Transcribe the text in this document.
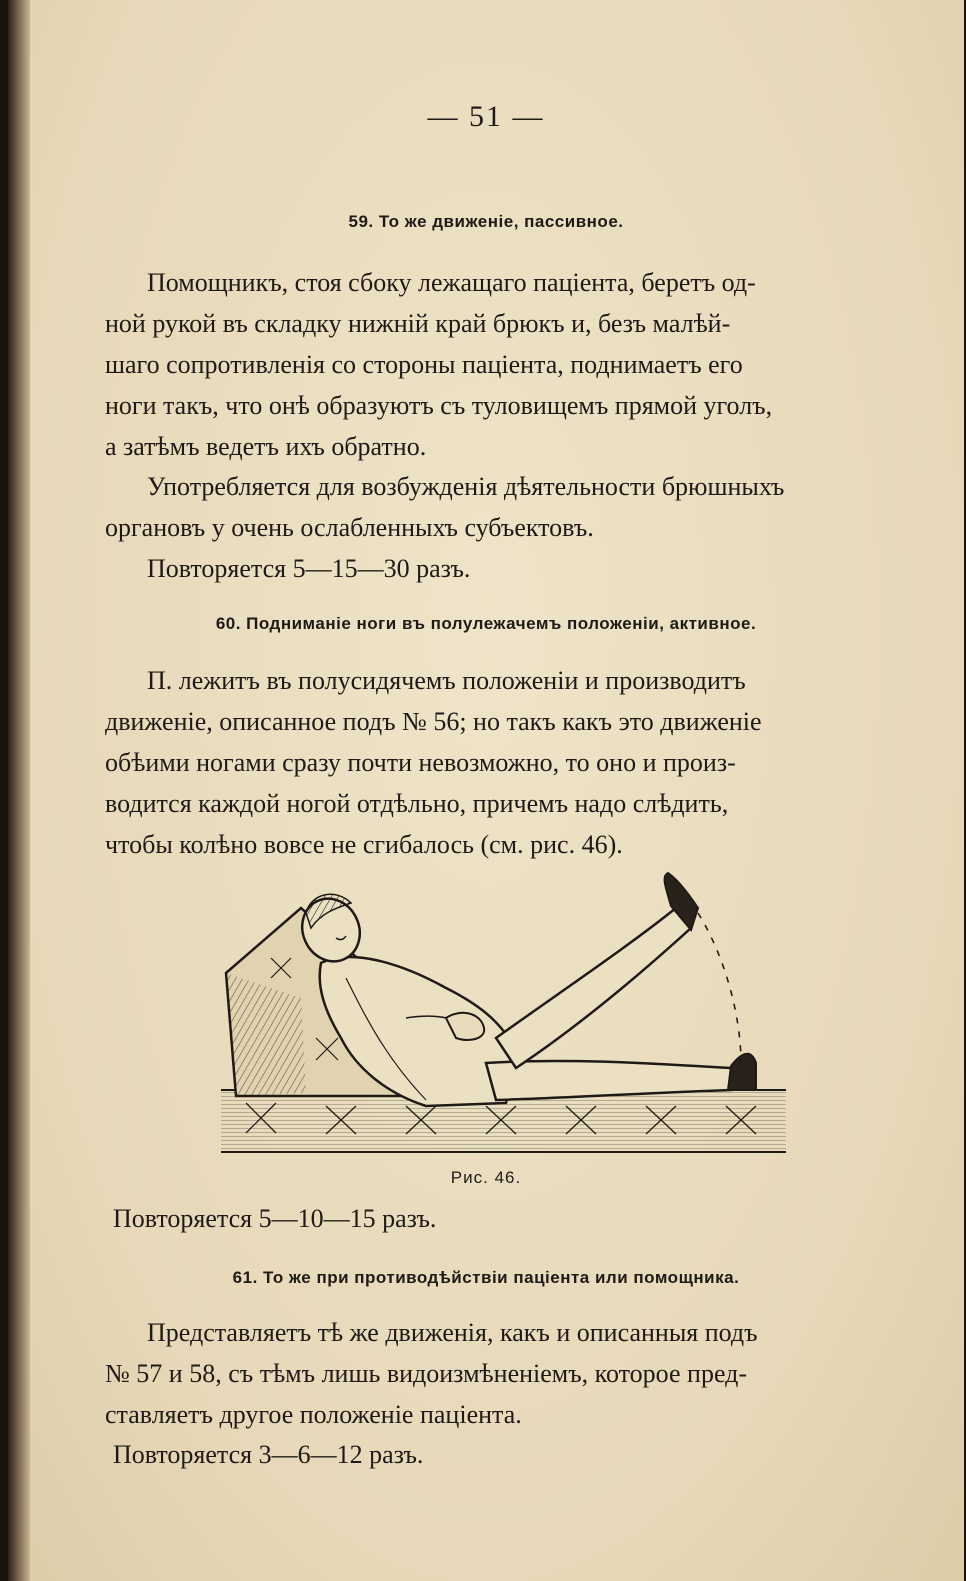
— 51 —
59. То же движеніе, пассивное.
Помощникъ, стоя сбоку лежащаго паціента, беретъ од-
ной рукой въ складку нижній край брюкъ и, безъ малѣй-
шаго сопротивленія со стороны паціента, поднимаетъ его
ноги такъ, что онѣ образуютъ съ туловищемъ прямой уголъ,
а затѣмъ ведетъ ихъ обратно.
Употребляется для возбужденія дѣятельности брюшныхъ
органовъ у очень ослабленныхъ субъектовъ.
Повторяется 5—15—30 разъ.
60. Подниманіе ноги въ полулежачемъ положеніи, активное.
П. лежитъ въ полусидячемъ положеніи и производитъ
движеніе, описанное подъ № 56; но такъ какъ это движеніе
обѣими ногами сразу почти невозможно, то оно и произ-
водится каждой ногой отдѣльно, причемъ надо слѣдить,
чтобы колѣно вовсе не сгибалось (см. рис. 46).
Рис. 46.
Повторяется 5—10—15 разъ.
61. То же при противодѣйствіи паціента или помощника.
Представляетъ тѣ же движенія, какъ и описанныя подъ
№ 57 и 58, съ тѣмъ лишь видоизмѣненіемъ, которое пред-
ставляетъ другое положеніе паціента.
Повторяется 3—6—12 разъ.
